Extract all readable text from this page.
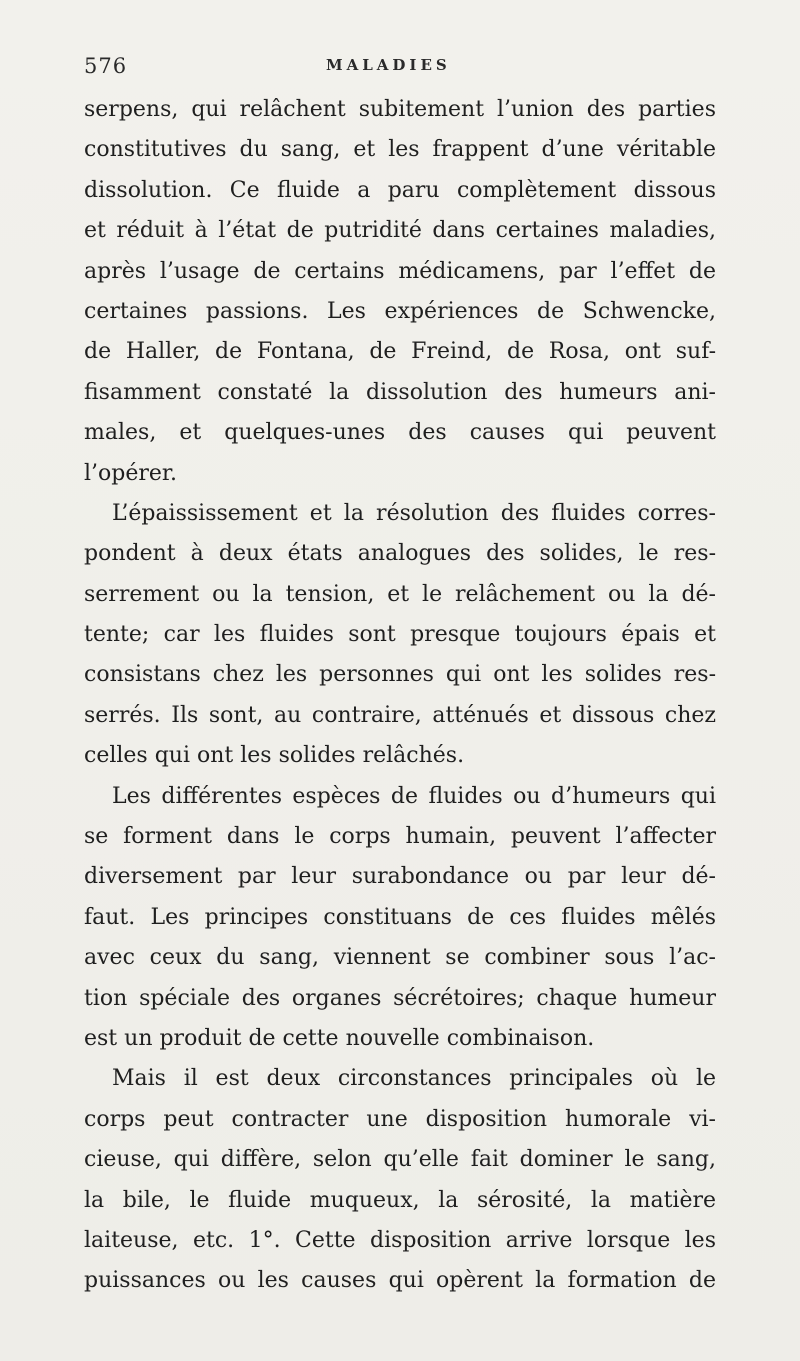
576	MALADIES
serpens, qui relâchent subitement l’union des parties
constitutives du sang, et les frappent d’une véritable
dissolution. Ce fluide a paru complètement dissous
et réduit à l’état de putridité dans certaines maladies,
après l’usage de certains médicamens, par l’effet de
certaines passions. Les expériences de Schwencke,
de Haller, de Fontana, de Freind, de Rosa, ont suf-
fisamment constaté la dissolution des humeurs ani-
males, et quelques-unes des causes qui peuvent
l’opérer.
L’épaississement et la résolution des fluides corres-
pondent à deux états analogues des solides, le res-
serrement ou la tension, et le relâchement ou la dé-
tente; car les fluides sont presque toujours épais et
consistans chez les personnes qui ont les solides res-
serrés. Ils sont, au contraire, atténués et dissous chez
celles qui ont les solides relâchés.
Les différentes espèces de fluides ou d’humeurs qui
se forment dans le corps humain, peuvent l’affecter
diversement par leur surabondance ou par leur dé-
faut. Les principes constituans de ces fluides mêlés
avec ceux du sang, viennent se combiner sous l’ac-
tion spéciale des organes sécrétoires; chaque humeur
est un produit de cette nouvelle combinaison.
Mais il est deux circonstances principales où le
corps peut contracter une disposition humorale vi-
cieuse, qui diffère, selon qu’elle fait dominer le sang,
la bile, le fluide muqueux, la sérosité, la matière
laiteuse, etc. 1°. Cette disposition arrive lorsque les
puissances ou les causes qui opèrent la formation de
